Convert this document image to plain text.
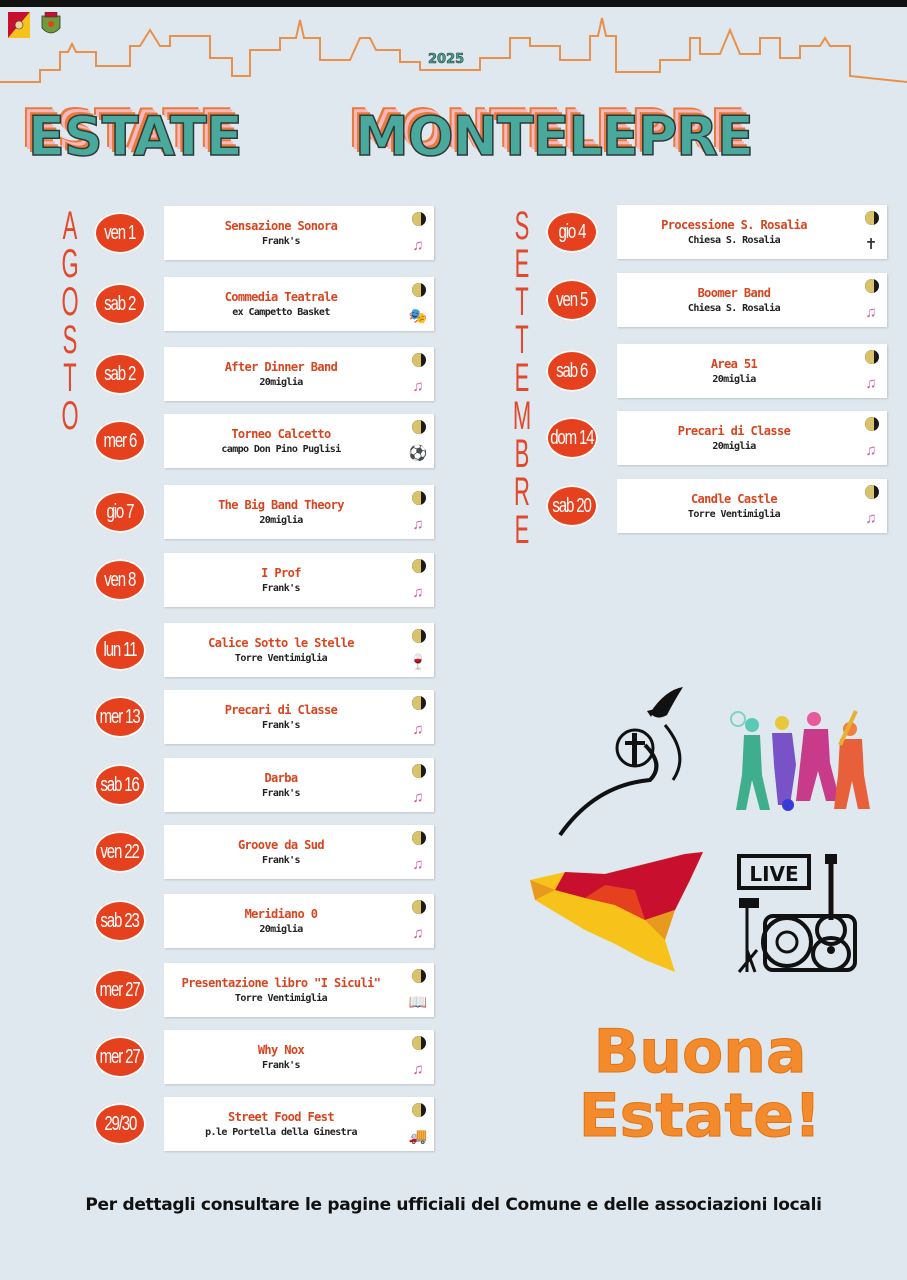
2025
ESTATE MONTELEPRE
A
G
O
S
T
O
S
E
T
T
E
M
B
R
E
ven 1	Sensazione Sonora
Frank's	♫
sab 2	Commedia Teatrale
ex Campetto Basket	🎭
sab 2	After Dinner Band
20miglia	♫
mer 6	Torneo Calcetto
campo Don Pino Puglisi	⚽
gio 7	The Big Band Theory
20miglia	♫
ven 8	I Prof
Frank's	♫
lun 11	Calice Sotto le Stelle
Torre Ventimiglia	🍷
mer 13	Precari di Classe
Frank's	♫
sab 16	Darba
Frank's	♫
ven 22	Groove da Sud
Frank's	♫
sab 23	Meridiano 0
20miglia	♫
mer 27	Presentazione libro "I Siculi"
Torre Ventimiglia	📖
mer 27	Why Nox
Frank's	♫
29/30	Street Food Fest
p.le Portella della Ginestra	🚚
gio 4	Processione S. Rosalia
Chiesa S. Rosalia	✝
ven 5	Boomer Band
Chiesa S. Rosalia	♫
sab 6	Area 51
20miglia	♫
dom 14	Precari di Classe
20miglia	♫
sab 20	Candle Castle
Torre Ventimiglia	♫
LIVE
Buona
Estate!
Per dettagli consultare le pagine ufficiali del Comune e delle associazioni locali
